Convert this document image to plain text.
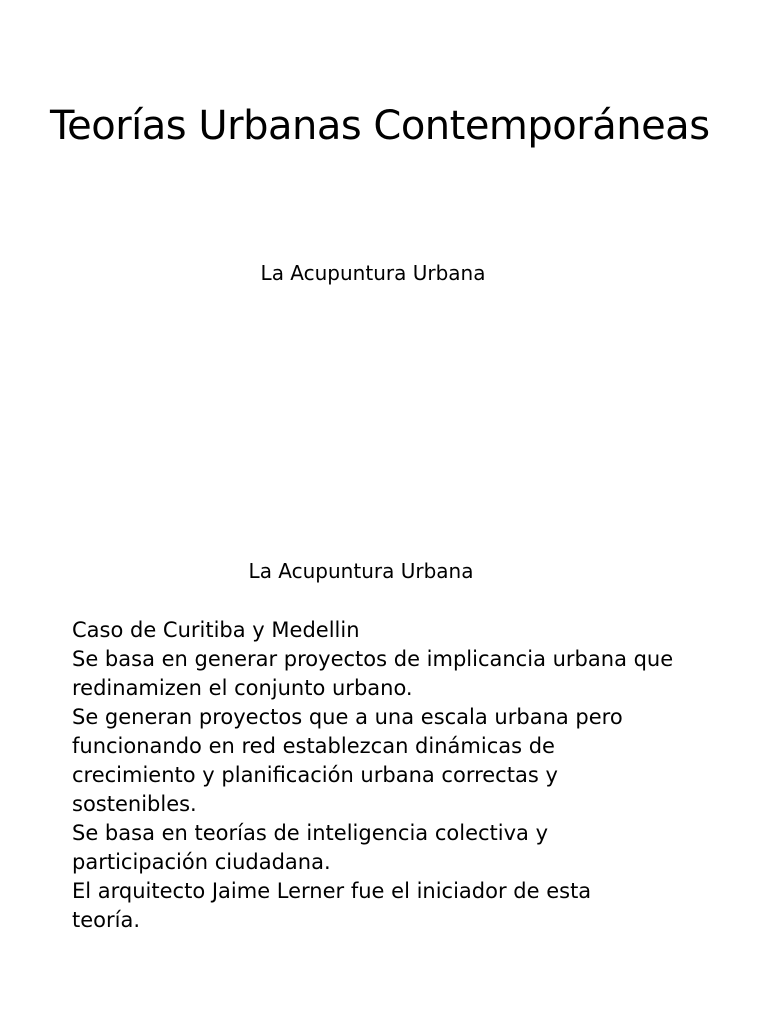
Teorías Urbanas Contemporáneas

La Acupuntura Urbana

La Acupuntura Urbana

Caso de Curitiba y Medellin
Se basa en generar proyectos de implicancia urbana que
redinamizen el conjunto urbano.
Se generan proyectos que a una escala urbana pero
funcionando en red establezcan dinámicas de
crecimiento y planificación urbana correctas y
sostenibles.
Se basa en teorías de inteligencia colectiva y
participación ciudadana.
El arquitecto Jaime Lerner fue el iniciador de esta
teoría.
